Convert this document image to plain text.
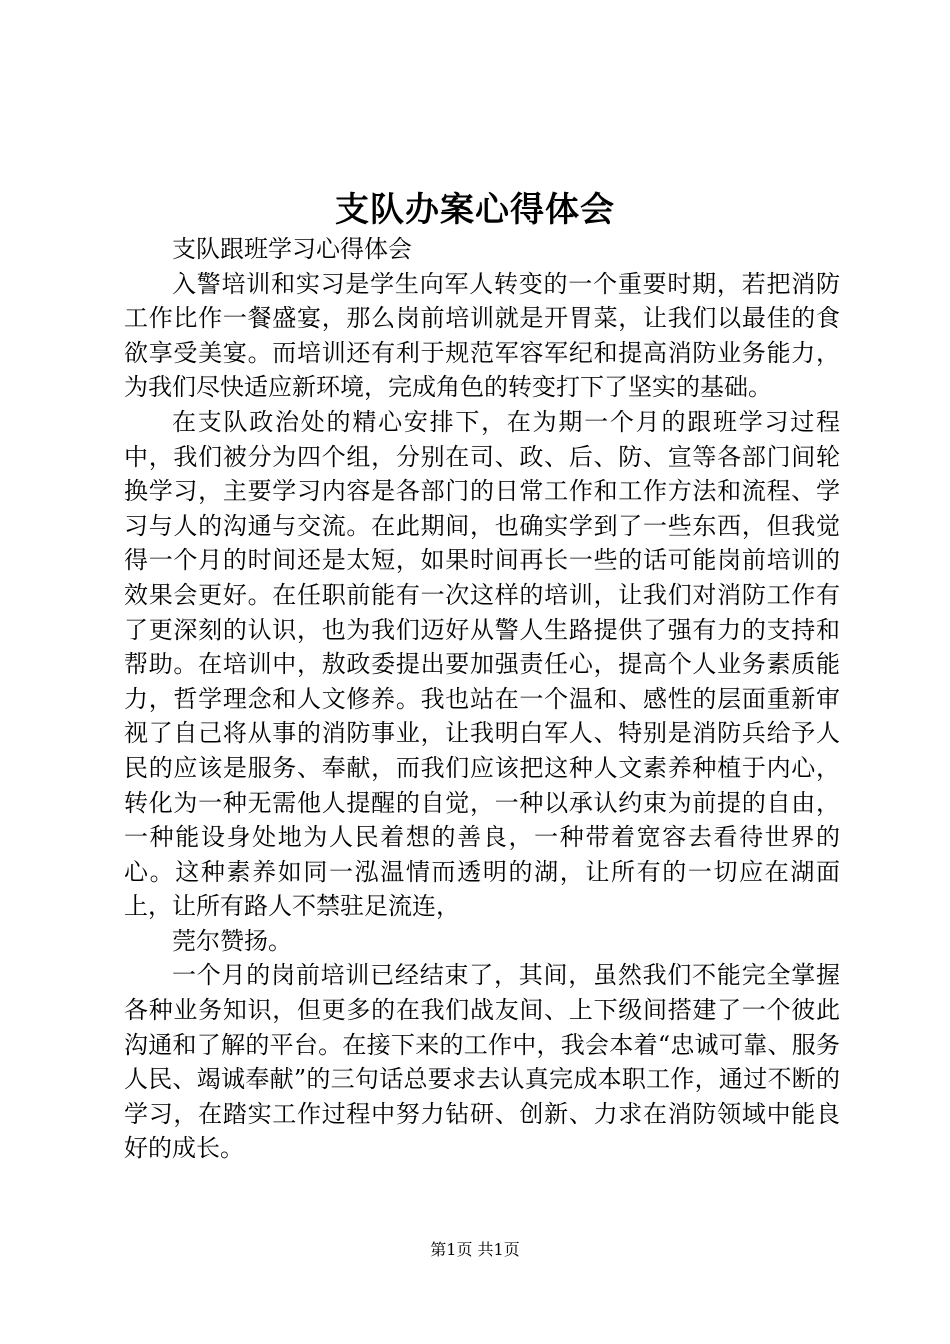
支队办案心得体会

支队跟班学习心得体会

入警培训和实习是学生向军人转变的一个重要时期，若把消防工作比作一餐盛宴，那么岗前培训就是开胃菜，让我们以最佳的食欲享受美宴。而培训还有利于规范军容军纪和提高消防业务能力，为我们尽快适应新环境，完成角色的转变打下了坚实的基础。

在支队政治处的精心安排下，在为期一个月的跟班学习过程中，我们被分为四个组，分别在司、政、后、防、宣等各部门间轮换学习，主要学习内容是各部门的日常工作和工作方法和流程、学习与人的沟通与交流。在此期间，也确实学到了一些东西，但我觉得一个月的时间还是太短，如果时间再长一些的话可能岗前培训的效果会更好。在任职前能有一次这样的培训，让我们对消防工作有了更深刻的认识，也为我们迈好从警人生路提供了强有力的支持和帮助。在培训中，敖政委提出要加强责任心，提高个人业务素质能力，哲学理念和人文修养。我也站在一个温和、感性的层面重新审视了自己将从事的消防事业，让我明白军人、特别是消防兵给予人民的应该是服务、奉献，而我们应该把这种人文素养种植于内心，转化为一种无需他人提醒的自觉，一种以承认约束为前提的自由，一种能设身处地为人民着想的善良，一种带着宽容去看待世界的心。这种素养如同一泓温情而透明的湖，让所有的一切应在湖面上，让所有路人不禁驻足流连，

莞尔赞扬。

一个月的岗前培训已经结束了，其间，虽然我们不能完全掌握各种业务知识，但更多的在我们战友间、上下级间搭建了一个彼此沟通和了解的平台。在接下来的工作中，我会本着“忠诚可靠、服务人民、竭诚奉献”的三句话总要求去认真完成本职工作，通过不断的学习，在踏实工作过程中努力钻研、创新、力求在消防领域中能良好的成长。

第1页 共1页
